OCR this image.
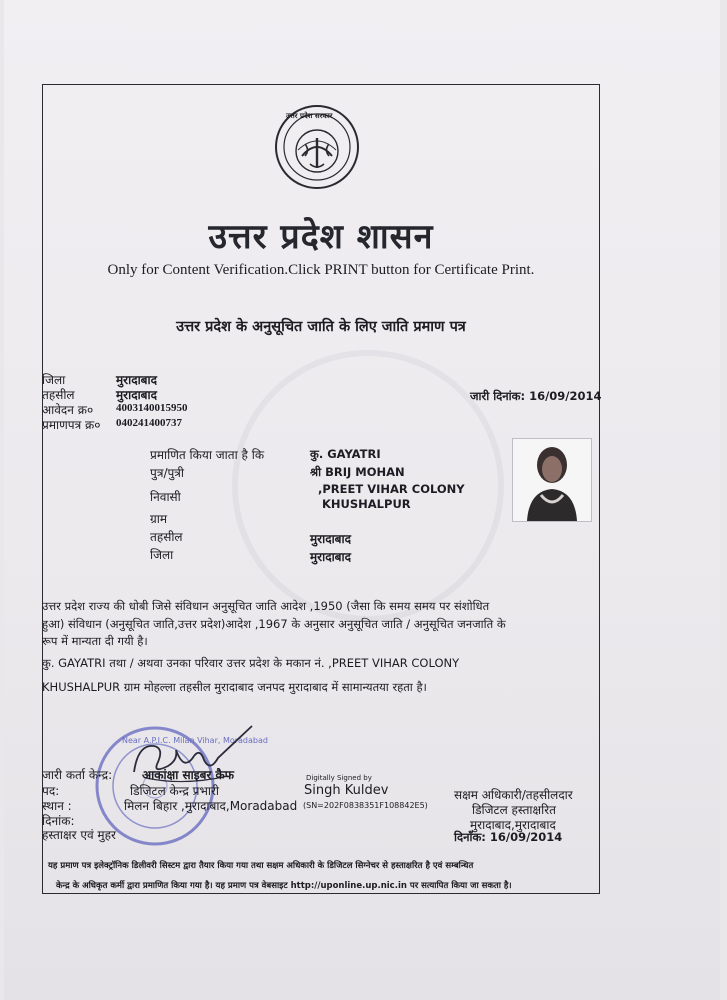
उत्तर प्रदेश सरकार
उत्तर प्रदेश शासन
Only for Content Verification.Click PRINT button for Certificate Print.
उत्तर प्रदेश के अनुसूचित जाति के लिए जाति प्रमाण पत्र
जिला	मुरादाबाद
तहसील	मुरादाबाद
आवेदन क्र० 4003140015950
प्रमाणपत्र क्र० 040241400737
जारी दिनांक: 16/09/2014
प्रमाणित किया जाता है कि	कु. GAYATRI
पुत्र/पुत्री	श्री BRIJ MOHAN
निवासी
,PREET VIHAR COLONY
KHUSHALPUR
ग्राम
तहसील	मुरादाबाद
जिला	मुरादाबाद
उत्तर प्रदेश राज्य की धोबी जिसे संविधान अनुसूचित जाति आदेश ,1950 (जैसा कि समय समय पर संशोधित
हुआ) संविधान (अनुसूचित जाति,उत्तर प्रदेश)आदेश ,1967 के अनुसार अनुसूचित जाति / अनुसूचित जनजाति के
रूप में मान्यता दी गयी है।
कु. GAYATRI तथा / अथवा उनका परिवार उत्तर प्रदेश के मकान नं. ,PREET VIHAR COLONY
KHUSHALPUR ग्राम मोहल्ला तहसील मुरादाबाद जनपद मुरादाबाद में सामान्यतया रहता है।
Near A.P.I.C. Milan Vihar, Moradabad
जारी कर्ता केन्द्र: आकांक्षा साइबर कैफ
पद:	डिजिटल केन्द्र प्रभारी
स्थान :	मिलन बिहार ,मुरादाबाद,Moradabad
दिनांक:
हस्ताक्षर एवं मुहर
Digitally Signed by
Singh Kuldev
(SN=202F0838351F108842E5)
सक्षम अधिकारी/तहसीलदार
डिजिटल हस्ताक्षरित
मुरादाबाद,मुरादाबाद
दिनाँक: 16/09/2014
यह प्रमाण पत्र इलेक्ट्रॉनिक डिलीवरी सिस्टम द्वारा तैयार किया गया तथा सक्षम अधिकारी के डिजिटल सिग्नेचर से हस्ताक्षरित है एवं सम्बन्धित
केन्द्र के अधिकृत कर्मी द्वारा प्रमाणित किया गया है। यह प्रमाण पत्र वेबसाइट http://uponline.up.nic.in पर सत्यापित किया जा सकता है।
